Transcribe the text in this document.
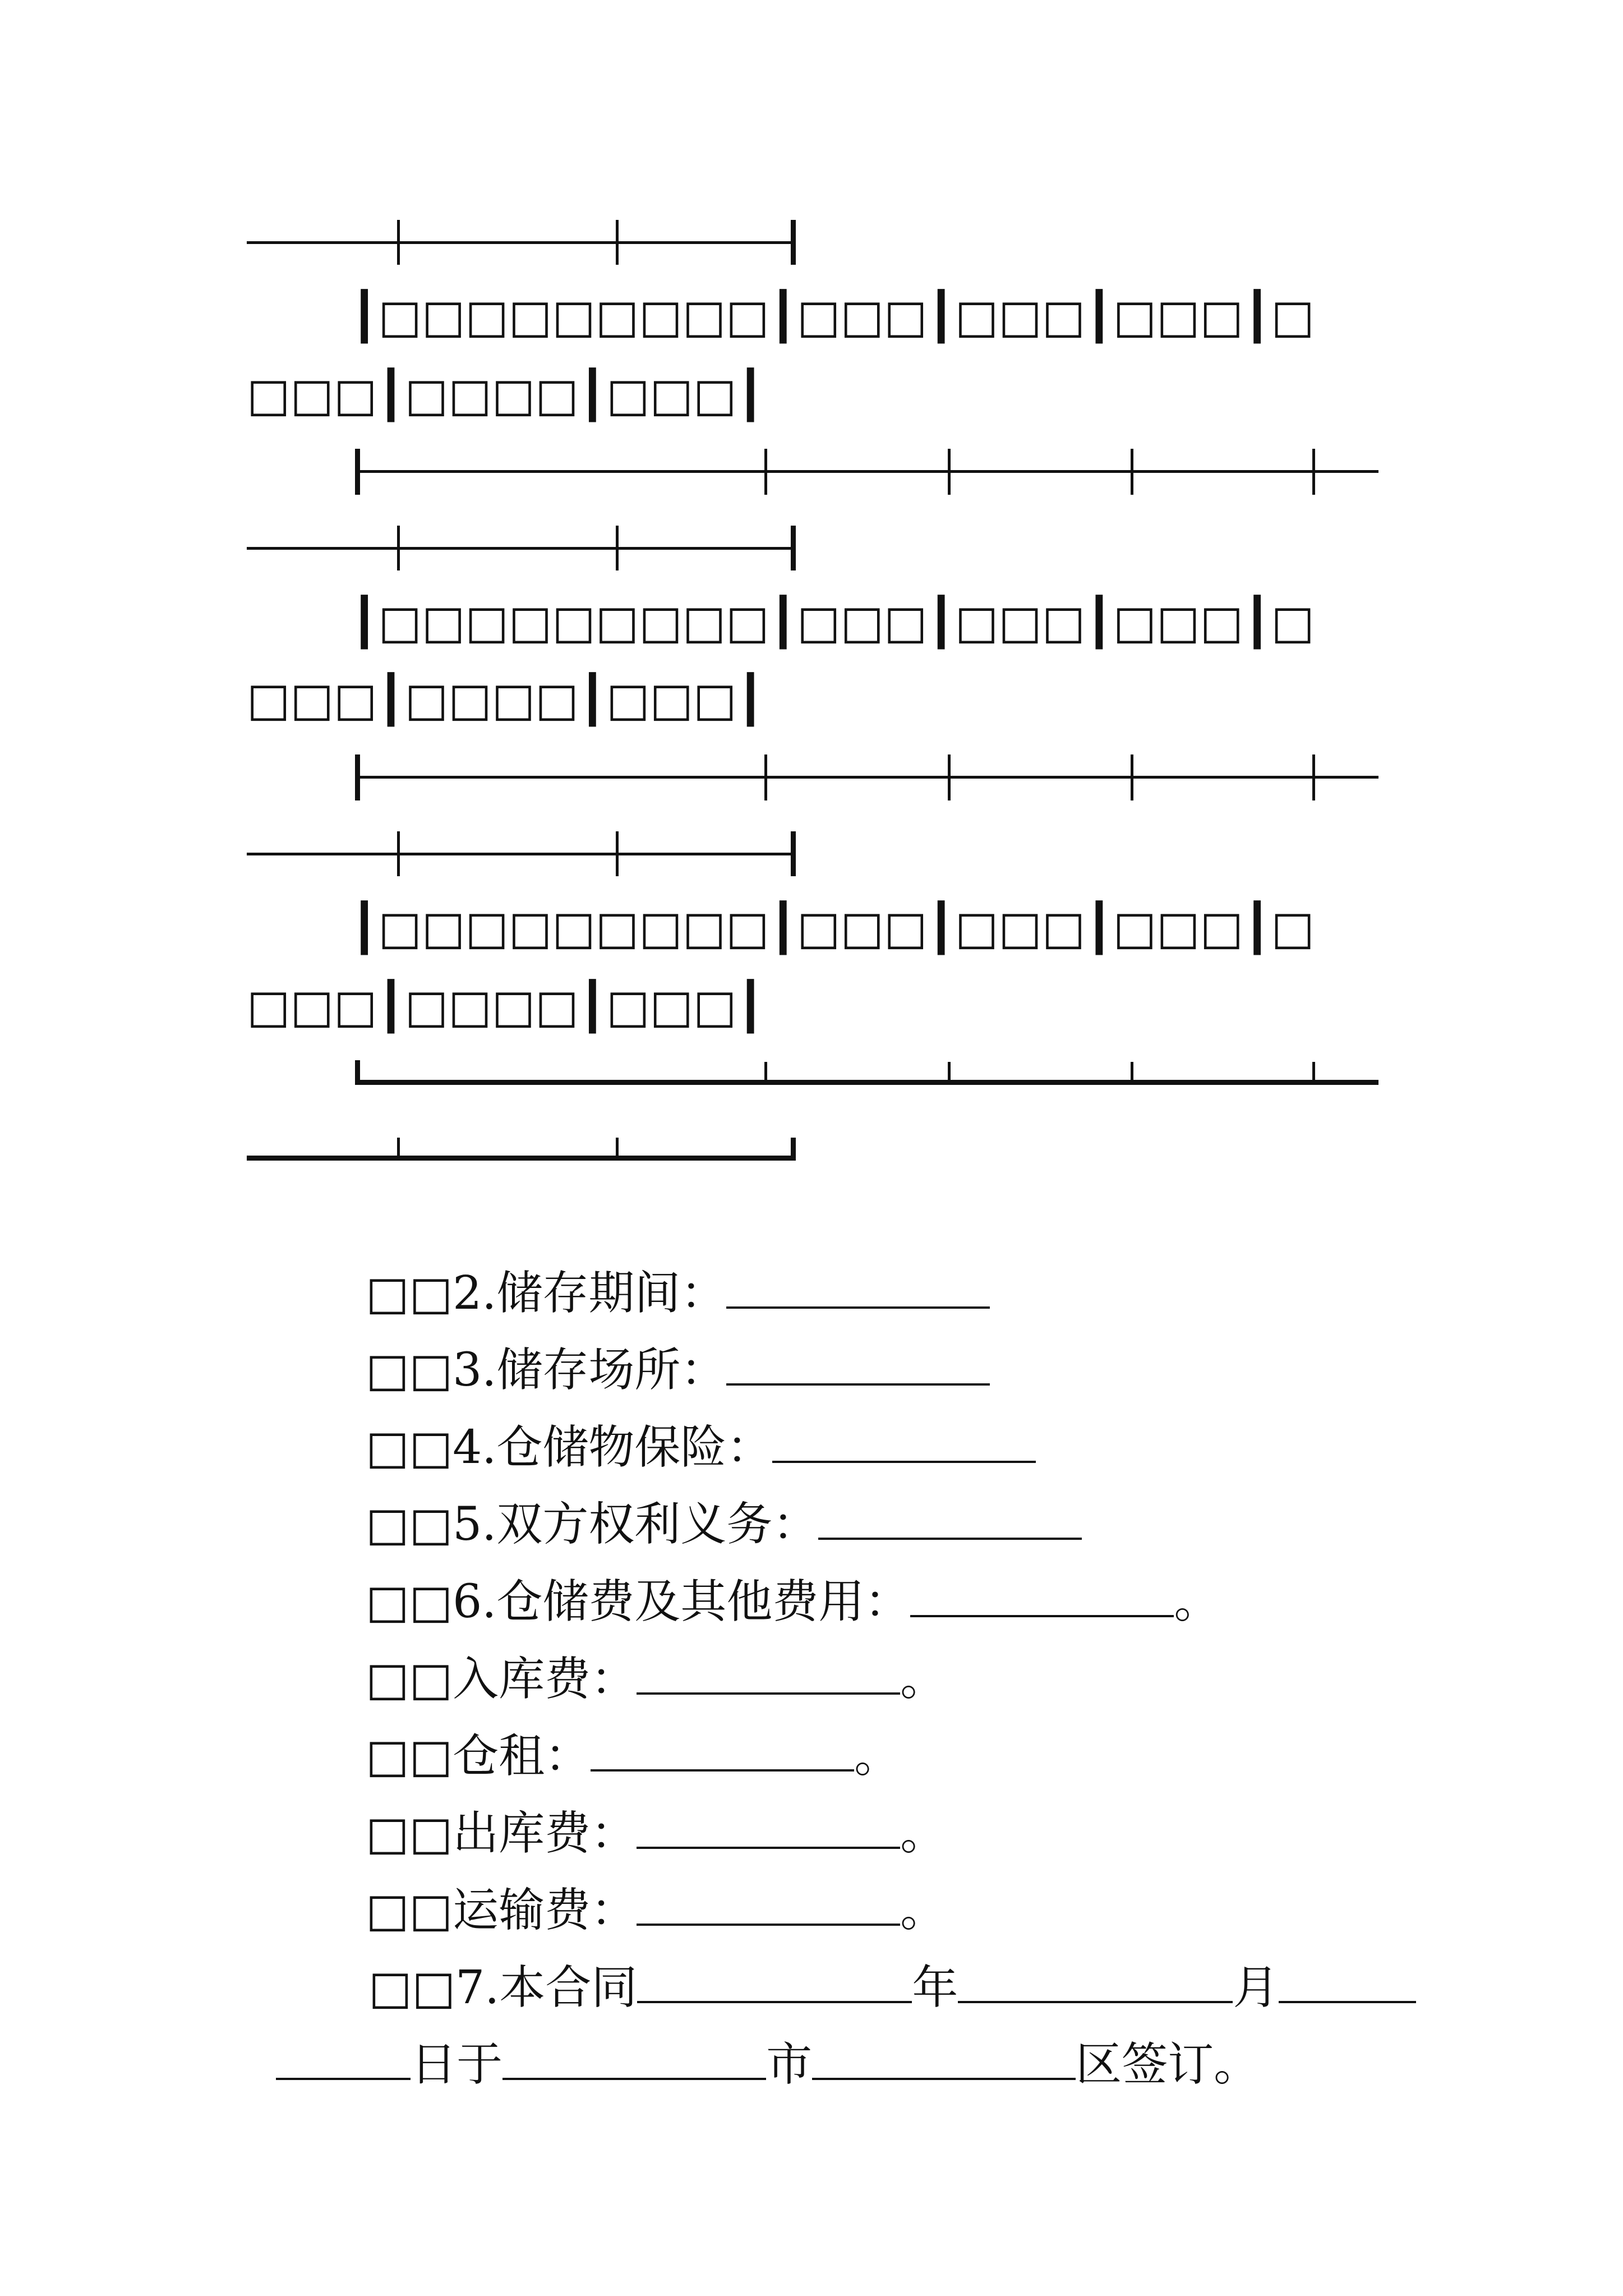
┃□□□□□□□□□┃□□□┃□□□┃□□□┃□
□□□┃□□□□┃□□□┃
┃□□□□□□□□□┃□□□┃□□□┃□□□┃□
□□□┃□□□□┃□□□┃
┃□□□□□□□□□┃□□□┃□□□┃□□□┃□
□□□┃□□□□┃□□□┃

□□2.储存期间：

□□3.储存场所：

□□4.仓储物保险：

□□5.双方权利义务：

□□6.仓储费及其他费用：	。

□□入库费：	。

□□仓租：	。

□□出库费：	。

□□运输费：	。

□□7.本合同	年	月

日于	市	区签订。
